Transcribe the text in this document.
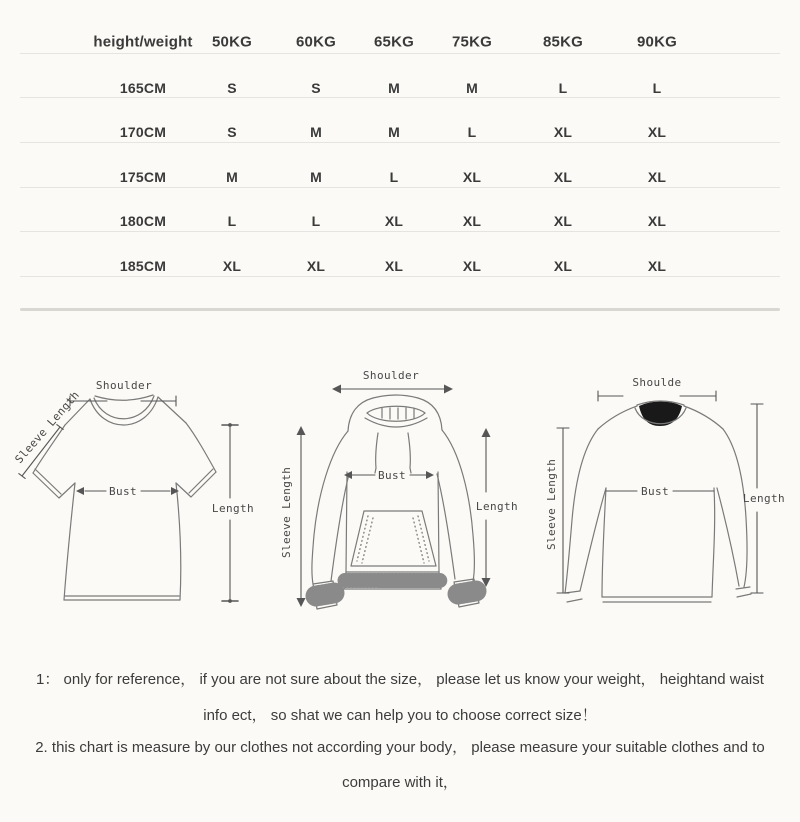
height/weight 50KG	60KG	65KG	75KG	85KG	90KG
165CM	S	S	M	M	L	L
170CM	S	M	M	L	XL	XL
175CM	M	M	L	XL	XL	XL
180CM	L	L	XL	XL	XL	XL
185CM	XL	XL	XL	XL	XL	XL
Shoulder
Sleeve Length
Bust
Length
Shoulder
Sleeve Length	Bust
Length
Shoulde
Sleeve Length	Bust
Length
1： only for reference， if you are not sure about the size， please let us know your weight， heightand waist
info ect， so shat we can help you to choose correct size！
2. this chart is measure by our clothes not according your body， please measure your suitable clothes and to
compare with it，
